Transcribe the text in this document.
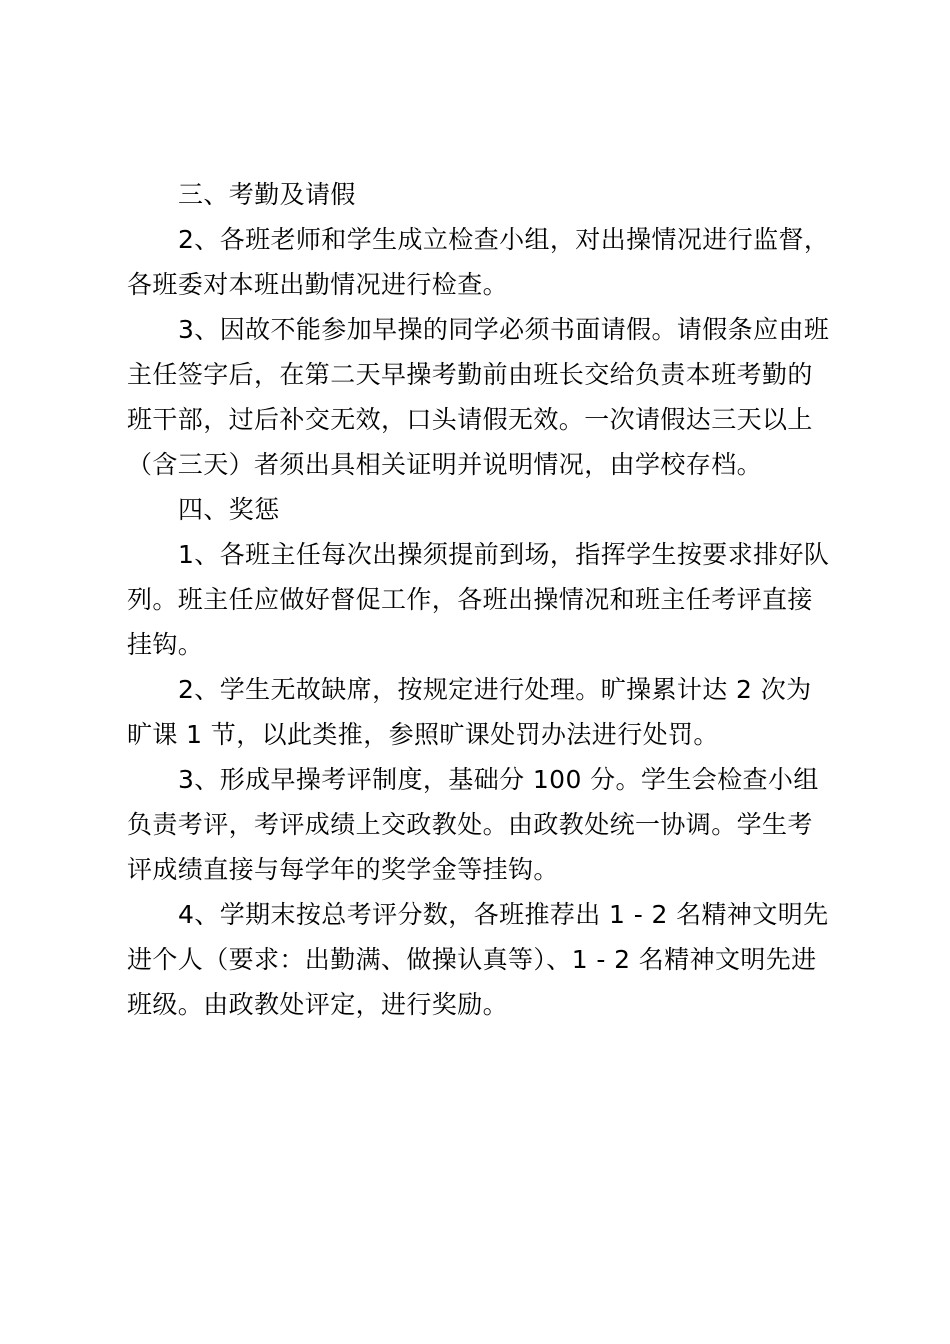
三、考勤及请假
2、各班老师和学生成立检查小组，对出操情况进行监督，
各班委对本班出勤情况进行检查。
3、因故不能参加早操的同学必须书面请假。请假条应由班
主任签字后，在第二天早操考勤前由班长交给负责本班考勤的
班干部，过后补交无效，口头请假无效。一次请假达三天以上
（含三天）者须出具相关证明并说明情况，由学校存档。
四、奖惩
1、各班主任每次出操须提前到场，指挥学生按要求排好队
列。班主任应做好督促工作，各班出操情况和班主任考评直接
挂钩。
2、学生无故缺席，按规定进行处理。旷操累计达 2 次为
旷课 1 节，以此类推，参照旷课处罚办法进行处罚。
3、形成早操考评制度，基础分 100 分。学生会检查小组
负责考评，考评成绩上交政教处。由政教处统一协调。学生考
评成绩直接与每学年的奖学金等挂钩。
4、学期末按总考评分数，各班推荐出 1 - 2 名精神文明先
进个人（要求：出勤满、做操认真等）、1 - 2 名精神文明先进
班级。由政教处评定，进行奖励。
